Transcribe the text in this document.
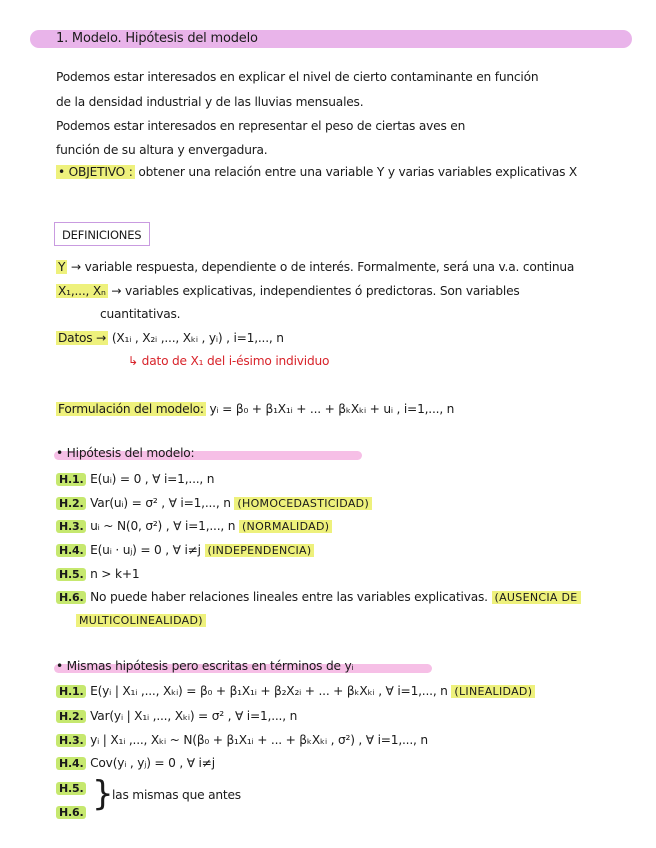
1. Modelo. Hipótesis del modelo
Podemos estar interesados en explicar el nivel de cierto contaminante en función
de la densidad industrial y de las lluvias mensuales.
Podemos estar interesados en representar el peso de ciertas aves en
función de su altura y envergadura.
• OBJETIVO : obtener una relación entre una variable Y y varias variables explicativas X
DEFINICIONES
Y → variable respuesta, dependiente o de interés. Formalmente, será una v.a. continua
X₁,..., Xₙ → variables explicativas, independientes ó predictoras. Son variables
cuantitativas.
Datos → (X₁ᵢ , X₂ᵢ ,..., Xₖᵢ , yᵢ) , i=1,..., n
↳ dato de X₁ del i-ésimo individuo
Formulación del modelo: yᵢ = β₀ + β₁X₁ᵢ + ... + βₖXₖᵢ + uᵢ , i=1,..., n
• Hipótesis del modelo:
H.1. E(uᵢ) = 0 , ∀ i=1,..., n
H.2. Var(uᵢ) = σ² , ∀ i=1,..., n (HOMOCEDASTICIDAD)
H.3. uᵢ ~ N(0, σ²) , ∀ i=1,..., n (NORMALIDAD)
H.4. E(uᵢ · uⱼ) = 0 , ∀ i≠j (INDEPENDENCIA)
H.5. n > k+1
H.6. No puede haber relaciones lineales entre las variables explicativas. (AUSENCIA DE
MULTICOLINEALIDAD)
• Mismas hipótesis pero escritas en términos de yᵢ
H.1. E(yᵢ | X₁ᵢ ,..., Xₖᵢ) = β₀ + β₁X₁ᵢ + β₂X₂ᵢ + ... + βₖXₖᵢ , ∀ i=1,..., n (LINEALIDAD)
H.2. Var(yᵢ | X₁ᵢ ,..., Xₖᵢ) = σ² , ∀ i=1,..., n
H.3. yᵢ | X₁ᵢ ,..., Xₖᵢ ~ N(β₀ + β₁X₁ᵢ + ... + βₖXₖᵢ , σ²) , ∀ i=1,..., n
H.4. Cov(yᵢ , yⱼ) = 0 , ∀ i≠j
H.5.
H.6. }
las mismas que antes
